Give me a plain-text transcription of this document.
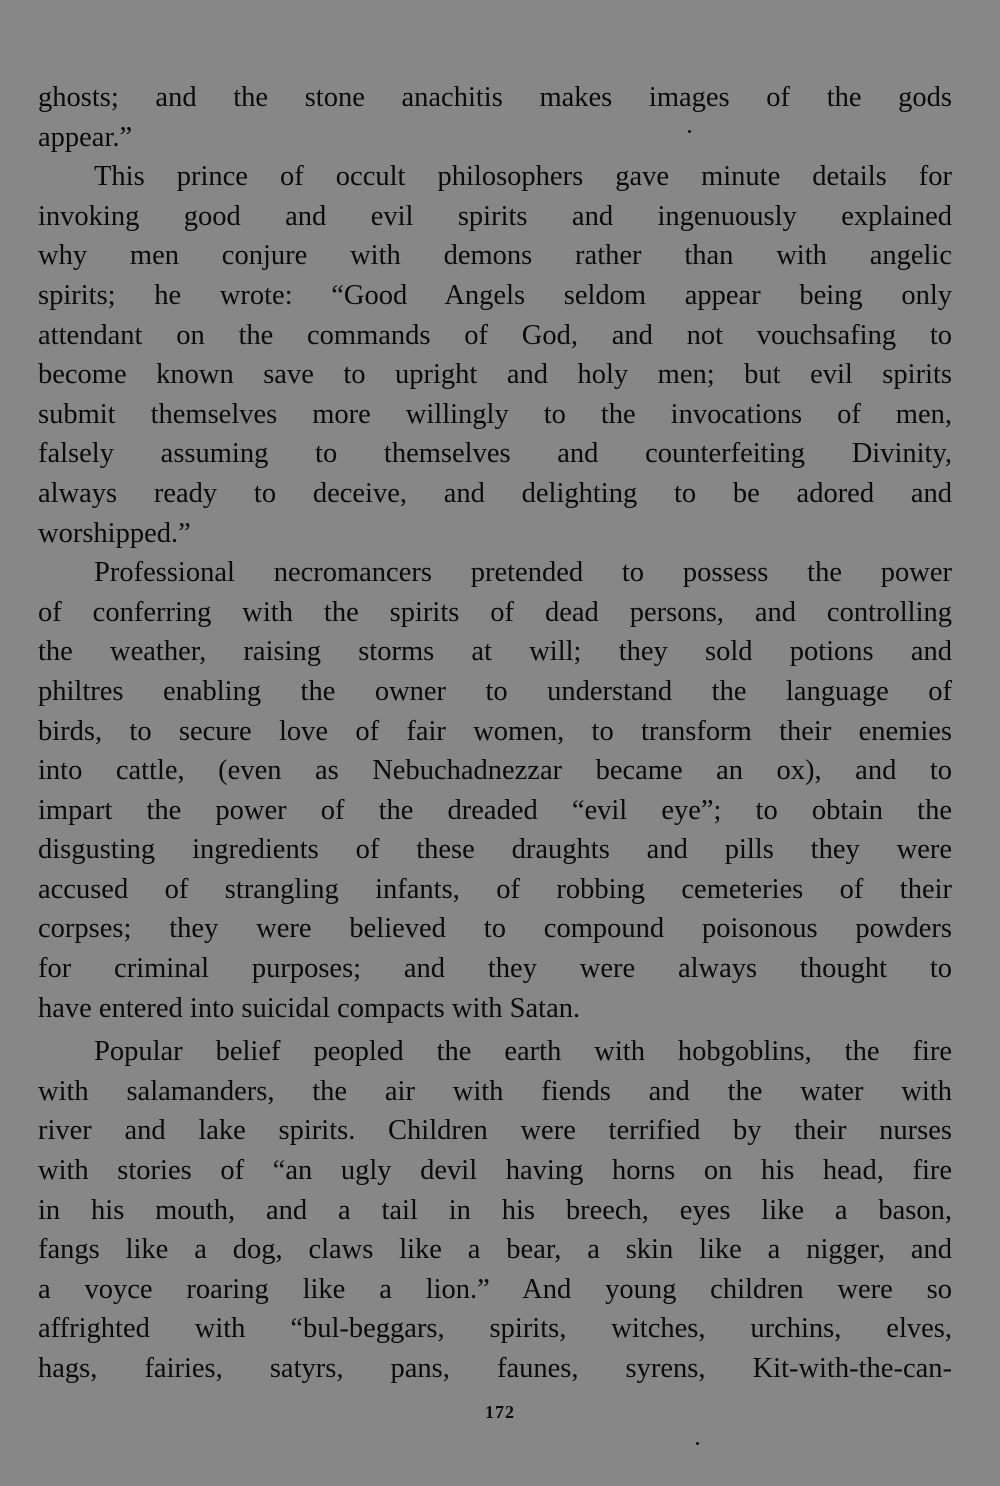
ghosts; and the stone anachitis makes images of the gods
appear.”
This prince of occult philosophers gave minute details for
invoking good and evil spirits and ingenuously explained
why men conjure with demons rather than with angelic
spirits; he wrote: “Good Angels seldom appear being only
attendant on the commands of God, and not vouchsafing to
become known save to upright and holy men; but evil spirits
submit themselves more willingly to the invocations of men,
falsely assuming to themselves and counterfeiting Divinity,
always ready to deceive, and delighting to be adored and
worshipped.”
Professional necromancers pretended to possess the power
of conferring with the spirits of dead persons, and controlling
the weather, raising storms at will; they sold potions and
philtres enabling the owner to understand the language of
birds, to secure love of fair women, to transform their enemies
into cattle, (even as Nebuchadnezzar became an ox), and to
impart the power of the dreaded “evil eye”; to obtain the
disgusting ingredients of these draughts and pills they were
accused of strangling infants, of robbing cemeteries of their
corpses; they were believed to compound poisonous powders
for criminal purposes; and they were always thought to
have entered into suicidal compacts with Satan.
Popular belief peopled the earth with hobgoblins, the fire
with salamanders, the air with fiends and the water with
river and lake spirits. Children were terrified by their nurses
with stories of “an ugly devil having horns on his head, fire
in his mouth, and a tail in his breech, eyes like a bason,
fangs like a dog, claws like a bear, a skin like a nigger, and
a voyce roaring like a lion.” And young children were so
affrighted with “bul-beggars, spirits, witches, urchins, elves,
hags, fairies, satyrs, pans, faunes, syrens, Kit-with-the-can-
172
